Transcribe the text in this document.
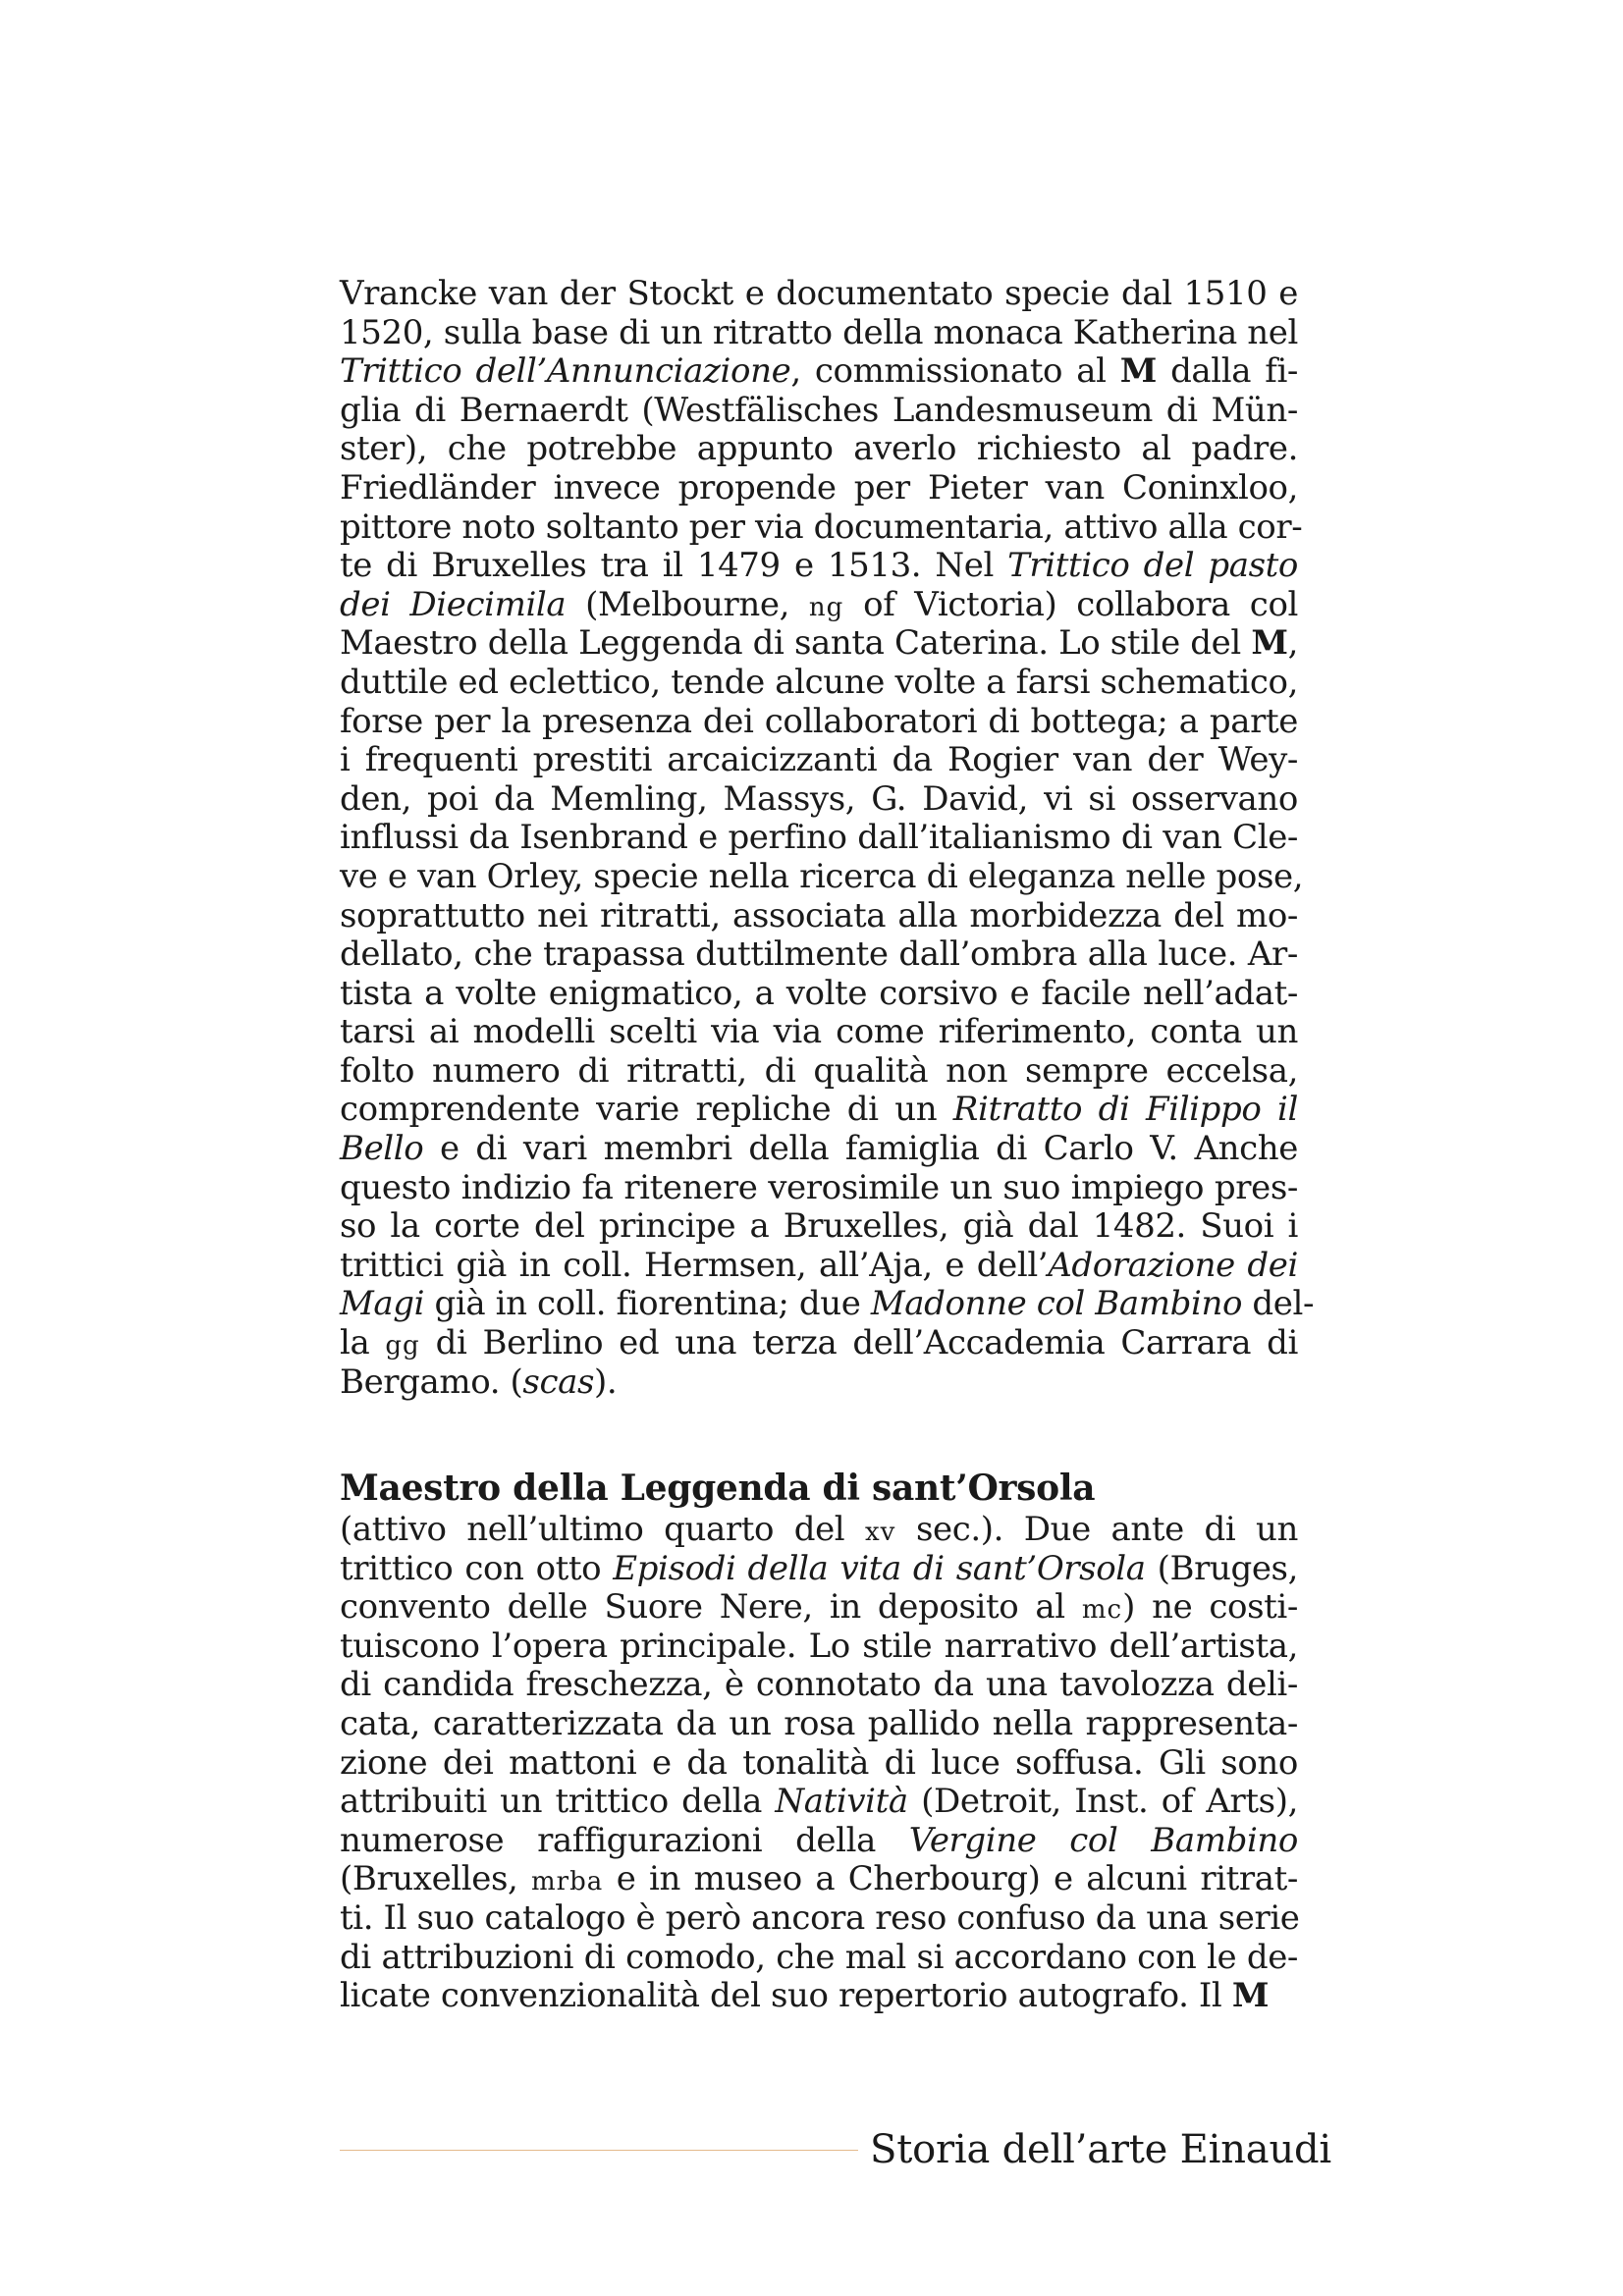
Vrancke van der Stockt e documentato specie dal 1510 e
1520, sulla base di un ritratto della monaca Katherina nel
Trittico dell’Annunciazione, commissionato al M dalla fi-
glia di Bernaerdt (Westfälisches Landesmuseum di Mün-
ster), che potrebbe appunto averlo richiesto al padre.
Friedländer invece propende per Pieter van Coninxloo,
pittore noto soltanto per via documentaria, attivo alla cor-
te di Bruxelles tra il 1479 e 1513. Nel Trittico del pasto
dei Diecimila (Melbourne, ng of Victoria) collabora col
Maestro della Leggenda di santa Caterina. Lo stile del M,
duttile ed eclettico, tende alcune volte a farsi schematico,
forse per la presenza dei collaboratori di bottega; a parte
i frequenti prestiti arcaicizzanti da Rogier van der Wey-
den, poi da Memling, Massys, G. David, vi si osservano
influssi da Isenbrand e perfino dall’italianismo di van Cle-
ve e van Orley, specie nella ricerca di eleganza nelle pose,
soprattutto nei ritratti, associata alla morbidezza del mo-
dellato, che trapassa duttilmente dall’ombra alla luce. Ar-
tista a volte enigmatico, a volte corsivo e facile nell’adat-
tarsi ai modelli scelti via via come riferimento, conta un
folto numero di ritratti, di qualità non sempre eccelsa,
comprendente varie repliche di un Ritratto di Filippo il
Bello e di vari membri della famiglia di Carlo V. Anche
questo indizio fa ritenere verosimile un suo impiego pres-
so la corte del principe a Bruxelles, già dal 1482. Suoi i
trittici già in coll. Hermsen, all’Aja, e dell’Adorazione dei
Magi già in coll. fiorentina; due Madonne col Bambino del-
la gg di Berlino ed una terza dell’Accademia Carrara di
Bergamo. (scas).
Maestro della Leggenda di sant’Orsola
(attivo nell’ultimo quarto del xv sec.). Due ante di un
trittico con otto Episodi della vita di sant’Orsola (Bruges,
convento delle Suore Nere, in deposito al mc) ne costi-
tuiscono l’opera principale. Lo stile narrativo dell’artista,
di candida freschezza, è connotato da una tavolozza deli-
cata, caratterizzata da un rosa pallido nella rappresenta-
zione dei mattoni e da tonalità di luce soffusa. Gli sono
attribuiti un trittico della Natività (Detroit, Inst. of Arts),
numerose raffigurazioni della Vergine col Bambino
(Bruxelles, mrba e in museo a Cherbourg) e alcuni ritrat-
ti. Il suo catalogo è però ancora reso confuso da una serie
di attribuzioni di comodo, che mal si accordano con le de-
licate convenzionalità del suo repertorio autografo. Il M
Storia dell’arte Einaudi
